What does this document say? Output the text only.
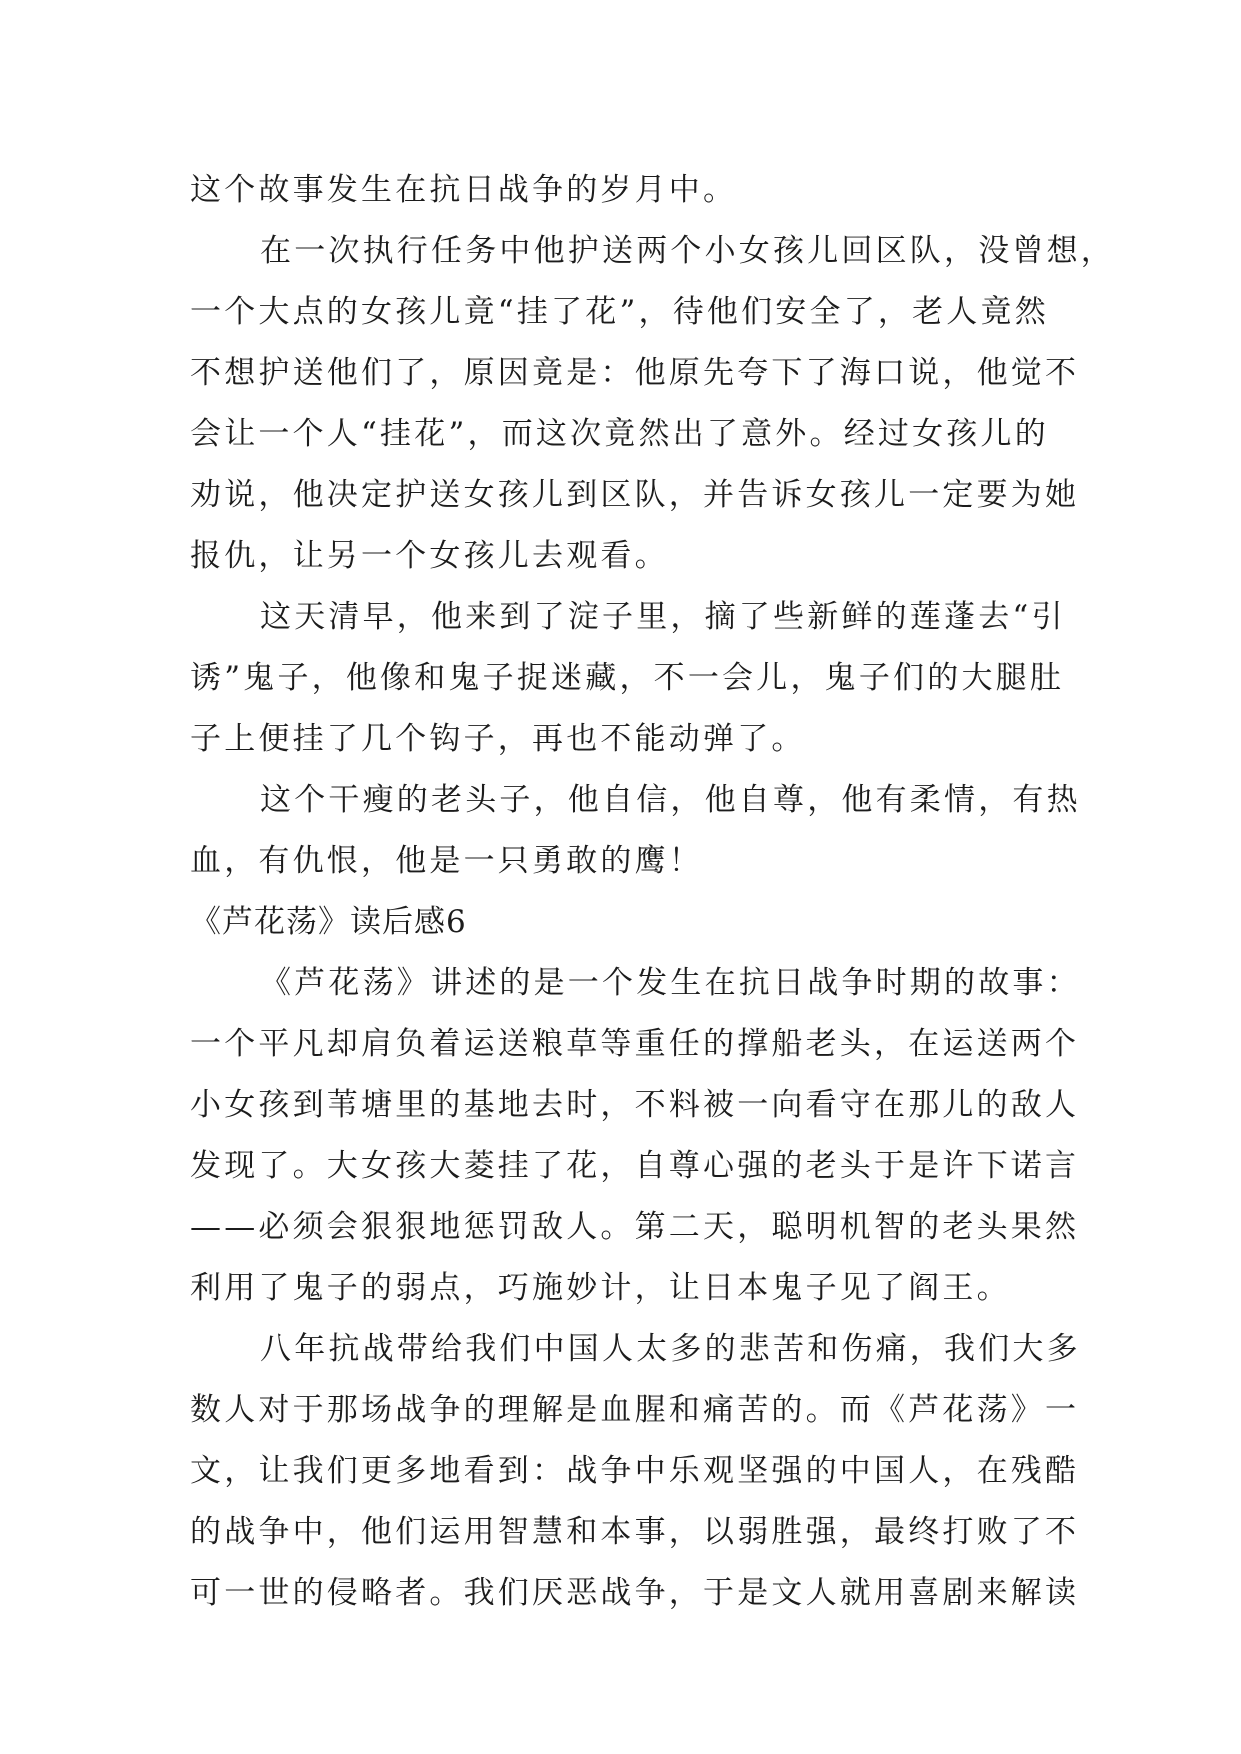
这个故事发生在抗日战争的岁月中。
在一次执行任务中他护送两个小女孩儿回区队，没曾想，
一个大点的女孩儿竟“挂了花”，待他们安全了，老人竟然
不想护送他们了，原因竟是：他原先夸下了海口说，他觉不
会让一个人“挂花”，而这次竟然出了意外。经过女孩儿的
劝说，他决定护送女孩儿到区队，并告诉女孩儿一定要为她
报仇，让另一个女孩儿去观看。
这天清早，他来到了淀子里，摘了些新鲜的莲蓬去“引
诱”鬼子，他像和鬼子捉迷藏，不一会儿，鬼子们的大腿肚
子上便挂了几个钩子，再也不能动弹了。
这个干瘦的老头子，他自信，他自尊，他有柔情，有热
血，有仇恨，他是一只勇敢的鹰！
《芦花荡》读后感6
《芦花荡》讲述的是一个发生在抗日战争时期的故事：
一个平凡却肩负着运送粮草等重任的撑船老头，在运送两个
小女孩到苇塘里的基地去时，不料被一向看守在那儿的敌人
发现了。大女孩大菱挂了花，自尊心强的老头于是许下诺言
——必须会狠狠地惩罚敌人。第二天，聪明机智的老头果然
利用了鬼子的弱点，巧施妙计，让日本鬼子见了阎王。
八年抗战带给我们中国人太多的悲苦和伤痛，我们大多
数人对于那场战争的理解是血腥和痛苦的。而《芦花荡》一
文，让我们更多地看到：战争中乐观坚强的中国人，在残酷
的战争中，他们运用智慧和本事，以弱胜强，最终打败了不
可一世的侵略者。我们厌恶战争，于是文人就用喜剧来解读
